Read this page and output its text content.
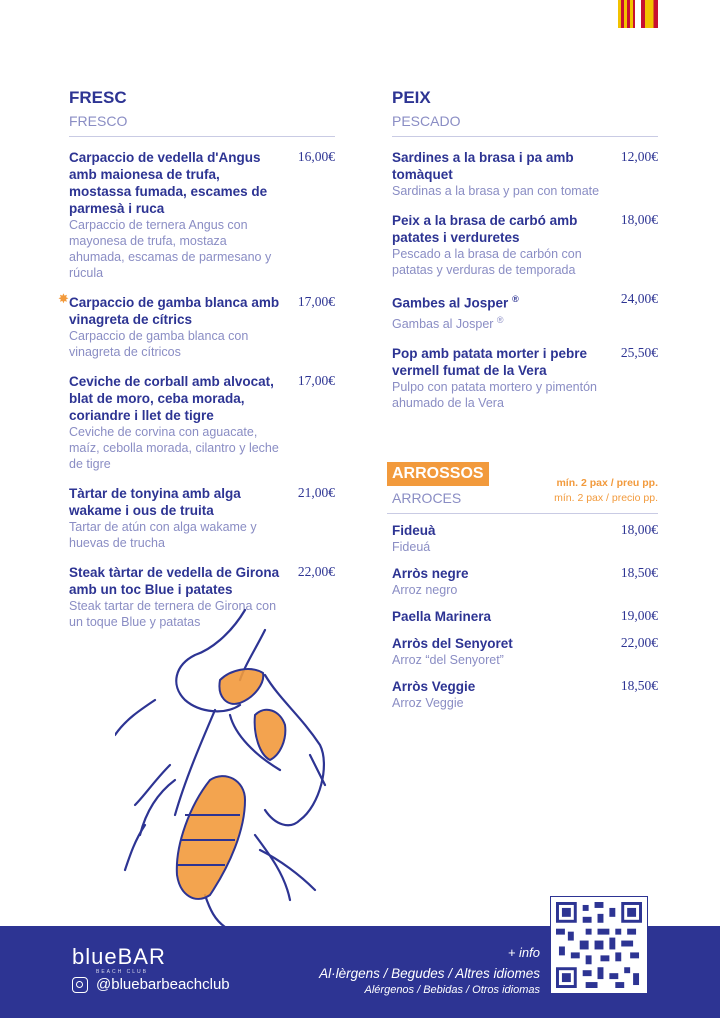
FRESC
FRESCO
Carpaccio de vedella d'Angus amb maionesa de trufa, mostassa fumada, escames de parmesà i ruca
Carpaccio de ternera Angus con mayonesa de trufa, mostaza ahumada, escamas de parmesano y rúcula
16,00€
✸ Carpaccio de gamba blanca amb vinagreta de cítrics
Carpaccio de gamba blanca con vinagreta de cítricos
17,00€
Ceviche de corball amb alvocat, blat de moro, ceba morada, coriandre i llet de tigre
Ceviche de corvina con aguacate, maíz, cebolla morada, cilantro y leche de tigre
17,00€
Tàrtar de tonyina amb alga wakame i ous de truita
Tartar de atún con alga wakame y huevas de trucha
21,00€
Steak tàrtar de vedella de Girona amb un toc Blue i patates
Steak tartar de ternera de Girona con un toque Blue y patatas
22,00€
PEIX
PESCADO
Sardines a la brasa i pa amb tomàquet
Sardinas a la brasa y pan con tomate
12,00€
Peix a la brasa de carbó amb patates i verduretes
Pescado a la brasa de carbón con patatas y verduras de temporada
18,00€
Gambes al Josper ®
Gambas al Josper ®
24,00€
Pop amb patata morter i pebre vermell fumat de la Vera
Pulpo con patata mortero y pimentón ahumado de la Vera
25,50€
ARROSSOS
ARROCES
mín. 2 pax / preu pp.
mín. 2 pax / precio pp.
Fideuà
Fideuá
18,00€
Arròs negre
Arroz negro
18,50€
Paella Marinera	19,00€
Arròs del Senyoret
Arroz “del Senyoret”
22,00€
Arròs Veggie
Arroz Veggie
18,50€
blueBAR
BEACH CLUB
@bluebarbeachclub
+ info
Al·lèrgens / Begudes / Altres idiomes
Alérgenos / Bebidas / Otros idiomas
